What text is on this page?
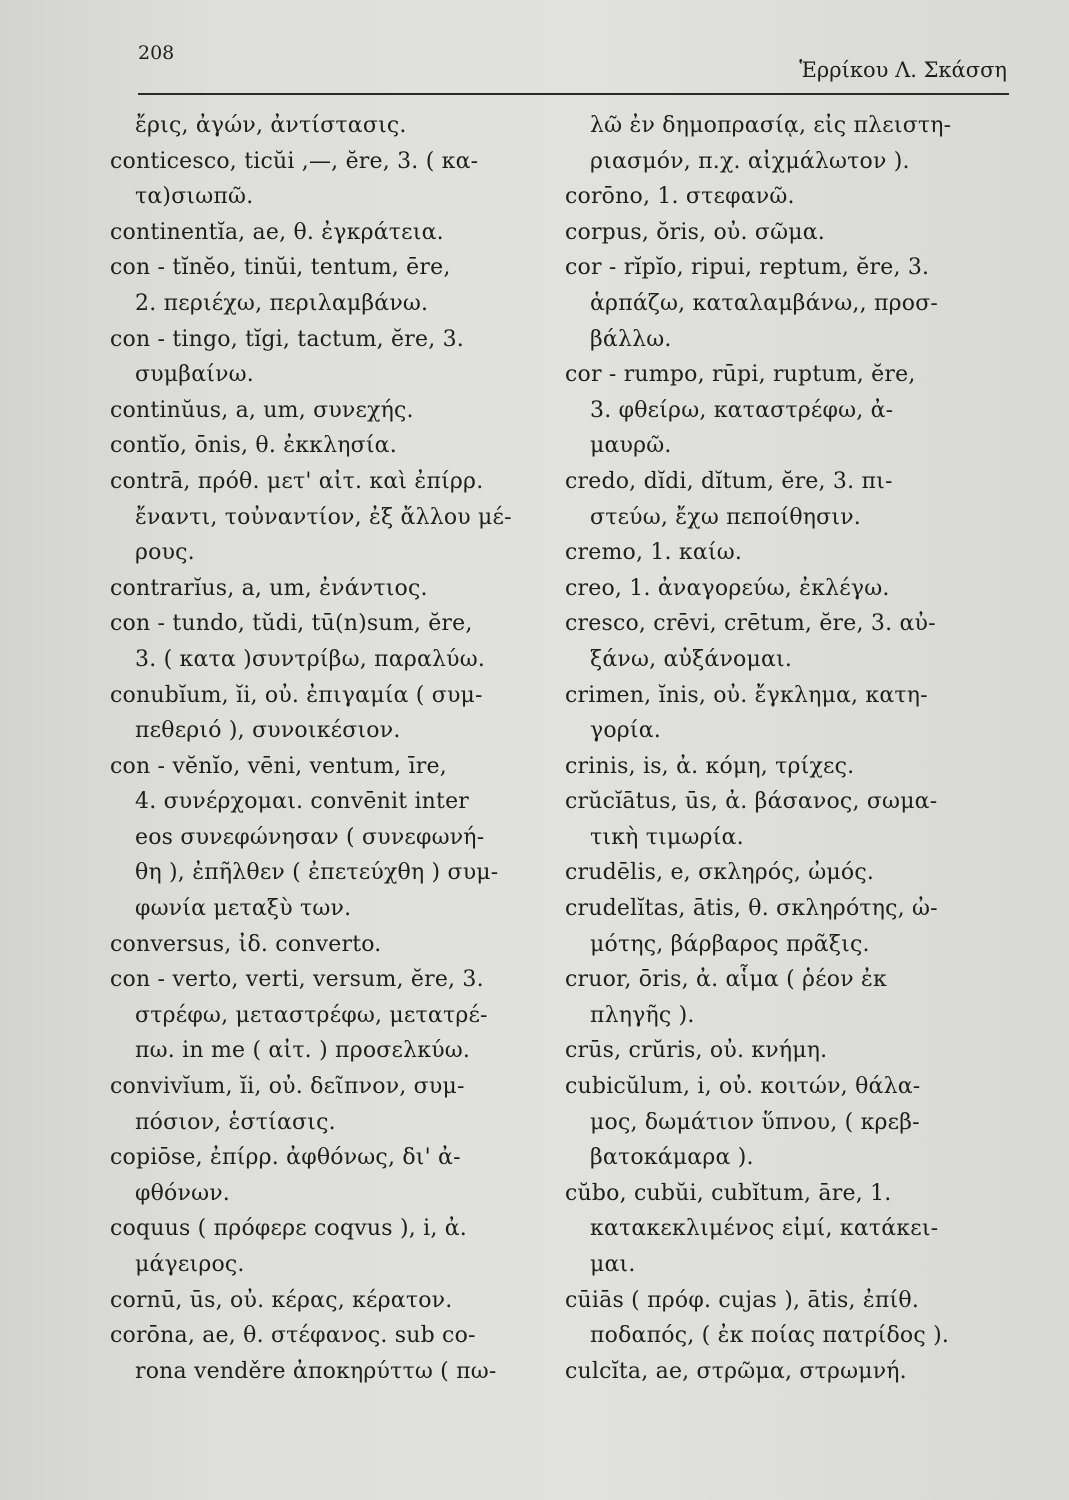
208
Ἑρρίκου Λ. Σκάσση
ἔρις, ἀγών, ἀντίστασις.
conticesco, ticŭi ,—, ĕre, 3. ( κα-
τα)σιωπῶ.
continentĭa, ae, θ. ἐγκράτεια.
con - tĭnĕo, tinŭi, tentum, ēre,
2. περιέχω, περιλαμβάνω.
con - tingo, tĭgi, tactum, ĕre, 3.
συμβαίνω.
continŭus, a, um, συνεχής.
contĭo, ōnis, θ. ἐκκλησία.
contrā, πρόθ. μετ' αἰτ. καὶ ἐπίρρ.
ἔναντι, τοὐναντίον, ἐξ ἄλλου μέ-
ρους.
contrarĭus, a, um, ἐνάντιος.
con - tundo, tŭdi, tū(n)sum, ĕre,
3. ( κατα )συντρίβω, παραλύω.
conubĭum, ĭi, οὐ. ἐπιγαμία ( συμ-
πεθεριό ), συνοικέσιον.
con - vĕnĭo, vēni, ventum, īre,
4. συνέρχομαι. convēnit inter
eos συνεφώνησαν ( συνεφωνή-
θη ), ἐπῆλθεν ( ἐπετεύχθη ) συμ-
φωνία μεταξὺ των.
conversus, ἰδ. converto.
con - verto, verti, versum, ĕre, 3.
στρέφω, μεταστρέφω, μετατρέ-
πω. in me ( αἰτ. ) προσελκύω.
convivĭum, ĭi, οὐ. δεῖπνον, συμ-
πόσιον, ἑστίασις.
copiōse, ἐπίρρ. ἀφθόνως, δι' ἀ-
φθόνων.
coquus ( πρόφερε coqvus ), i, ἀ.
μάγειρος.
cornū, ūs, οὐ. κέρας, κέρατον.
corōna, ae, θ. στέφανος. sub co-
rona venděre ἀποκηρύττω ( πω-
λῶ ἐν δημοπρασίᾳ, εἰς πλειστη-
ριασμόν, π.χ. αἰχμάλωτον ).
corōno, 1. στεφανῶ.
corpus, ŏris, οὐ. σῶμα.
cor - rĭpĭo, ripui, reptum, ĕre, 3.
ἁρπάζω, καταλαμβάνω,, προσ-
βάλλω.
cor - rumpo, rūpi, ruptum, ĕre,
3. φθείρω, καταστρέφω, ἀ-
μαυρῶ.
credo, dĭdi, dĭtum, ĕre, 3. πι-
στεύω, ἔχω πεποίθησιν.
cremo, 1. καίω.
creo, 1. ἀναγορεύω, ἐκλέγω.
cresco, crēvi, crētum, ĕre, 3. αὐ-
ξάνω, αὐξάνομαι.
crimen, ĭnis, οὐ. ἔγκλημα, κατη-
γορία.
crinis, is, ἀ. κόμη, τρίχες.
crŭcĭātus, ūs, ἀ. βάσανος, σωμα-
τικὴ τιμωρία.
crudēlis, e, σκληρός, ὠμός.
crudelĭtas, ātis, θ. σκληρότης, ὠ-
μότης, βάρβαρος πρᾶξις.
cruor, ōris, ἀ. αἷμα ( ῥέον ἐκ
πληγῆς ).
crūs, crŭris, οὐ. κνήμη.
cubicŭlum, i, οὐ. κοιτών, θάλα-
μος, δωμάτιον ὕπνου, ( κρεβ-
βατοκάμαρα ).
cŭbo, cubŭi, cubĭtum, āre, 1.
κατακεκλιμένος εἰμί, κατάκει-
μαι.
cūiās ( πρόφ. cujas ), ātis, ἐπίθ.
ποδαπός, ( ἐκ ποίας πατρίδος ).
culcĭta, ae, στρῶμα, στρωμνή.
